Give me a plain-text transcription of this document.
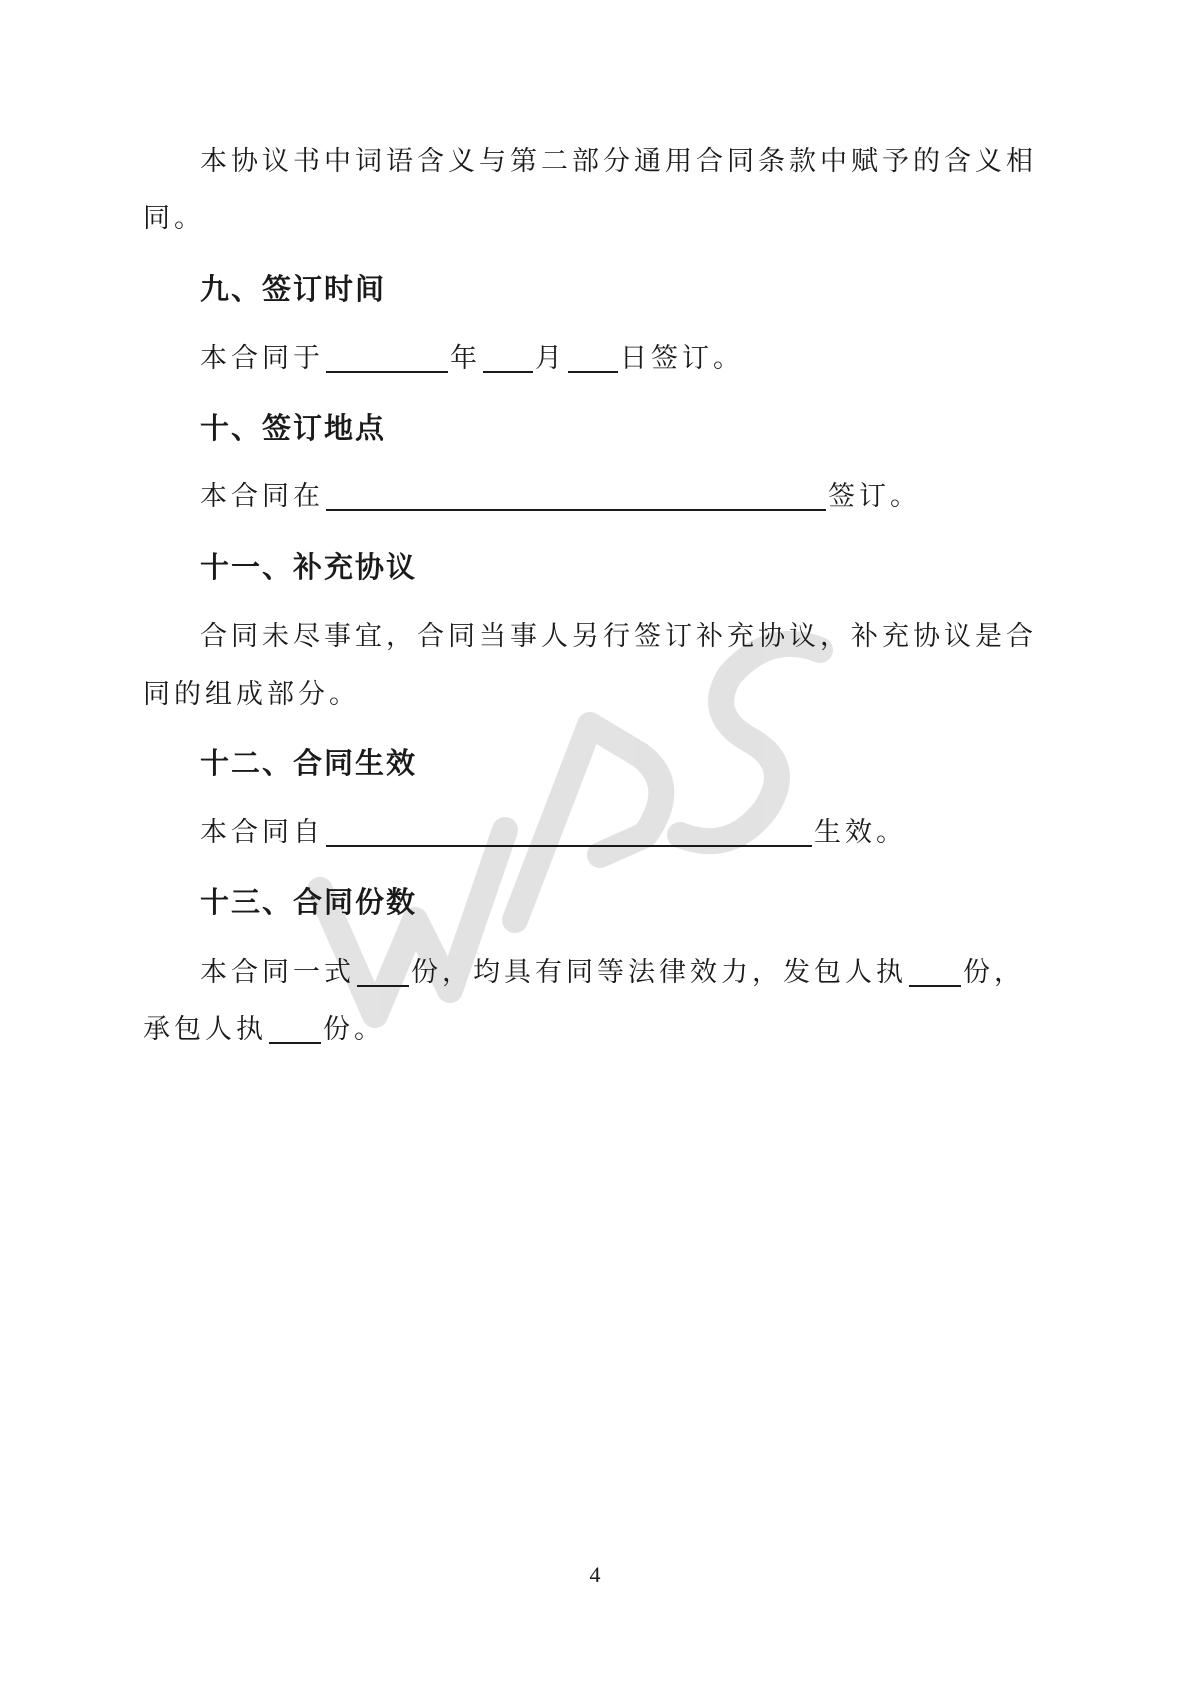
本协议书中词语含义与第二部分通用合同条款中赋予的含义相
同。
九、签订时间
本合同于	年 月 日签订。
十、签订地点
本合同在	签订。
十一、补充协议
合同未尽事宜，合同当事人另行签订补充协议，补充协议是合
同的组成部分。
十二、合同生效
本合同自	生效。
十三、合同份数
本合同一式 份，均具有同等法律效力，发包人执 份，
承包人执 份。
4
